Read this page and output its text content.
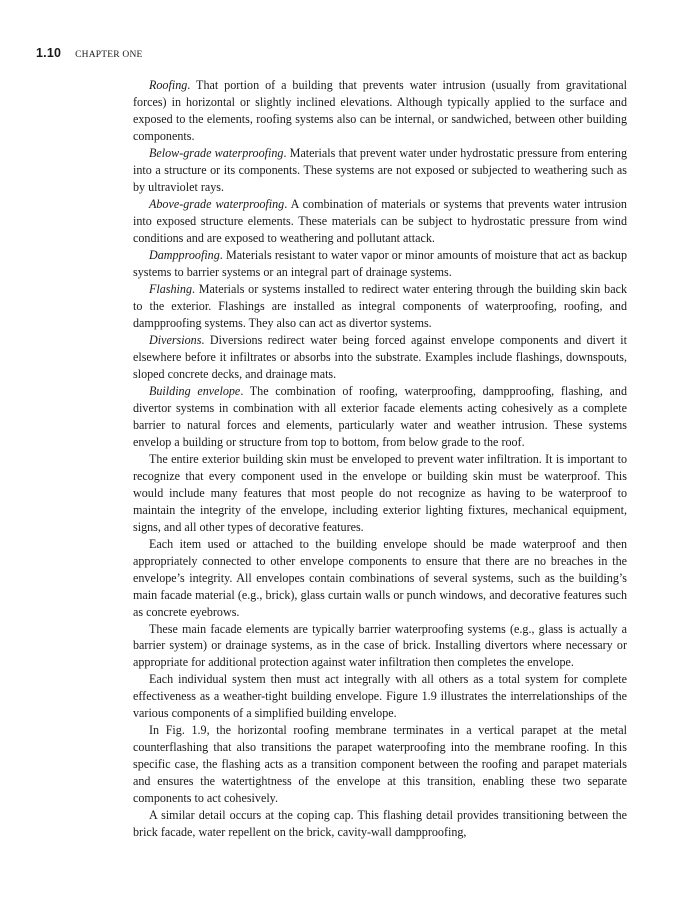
1.10 CHAPTER ONE

Roofing. That portion of a building that prevents water intrusion (usually from gravitational forces) in horizontal or slightly inclined elevations. Although typically applied to the surface and exposed to the elements, roofing systems also can be internal, or sandwiched, between other building components.

Below-grade waterproofing. Materials that prevent water under hydrostatic pressure from entering into a structure or its components. These systems are not exposed or subjected to weathering such as by ultraviolet rays.

Above-grade waterproofing. A combination of materials or systems that prevents water intrusion into exposed structure elements. These materials can be subject to hydrostatic pressure from wind conditions and are exposed to weathering and pollutant attack.

Dampproofing. Materials resistant to water vapor or minor amounts of moisture that act as backup systems to barrier systems or an integral part of drainage systems.

Flashing. Materials or systems installed to redirect water entering through the building skin back to the exterior. Flashings are installed as integral components of waterproofing, roofing, and dampproofing systems. They also can act as divertor systems.

Diversions. Diversions redirect water being forced against envelope components and divert it elsewhere before it infiltrates or absorbs into the substrate. Examples include flashings, downspouts, sloped concrete decks, and drainage mats.

Building envelope. The combination of roofing, waterproofing, dampproofing, flashing, and divertor systems in combination with all exterior facade elements acting cohesively as a complete barrier to natural forces and elements, particularly water and weather intrusion. These systems envelop a building or structure from top to bottom, from below grade to the roof.

The entire exterior building skin must be enveloped to prevent water infiltration. It is important to recognize that every component used in the envelope or building skin must be waterproof. This would include many features that most people do not recognize as having to be waterproof to maintain the integrity of the envelope, including exterior lighting fixtures, mechanical equipment, signs, and all other types of decorative features.

Each item used or attached to the building envelope should be made waterproof and then appropriately connected to other envelope components to ensure that there are no breaches in the envelope’s integrity. All envelopes contain combinations of several systems, such as the building’s main facade material (e.g., brick), glass curtain walls or punch windows, and decorative features such as concrete eyebrows.

These main facade elements are typically barrier waterproofing systems (e.g., glass is actually a barrier system) or drainage systems, as in the case of brick. Installing divertors where necessary or appropriate for additional protection against water infiltration then completes the envelope.

Each individual system then must act integrally with all others as a total system for complete effectiveness as a weather-tight building envelope. Figure 1.9 illustrates the interrelationships of the various components of a simplified building envelope.

In Fig. 1.9, the horizontal roofing membrane terminates in a vertical parapet at the metal counterflashing that also transitions the parapet waterproofing into the membrane roofing. In this specific case, the flashing acts as a transition component between the roofing and parapet materials and ensures the watertightness of the envelope at this transition, enabling these two separate components to act cohesively.

A similar detail occurs at the coping cap. This flashing detail provides transitioning between the brick facade, water repellent on the brick, cavity-wall dampproofing,
